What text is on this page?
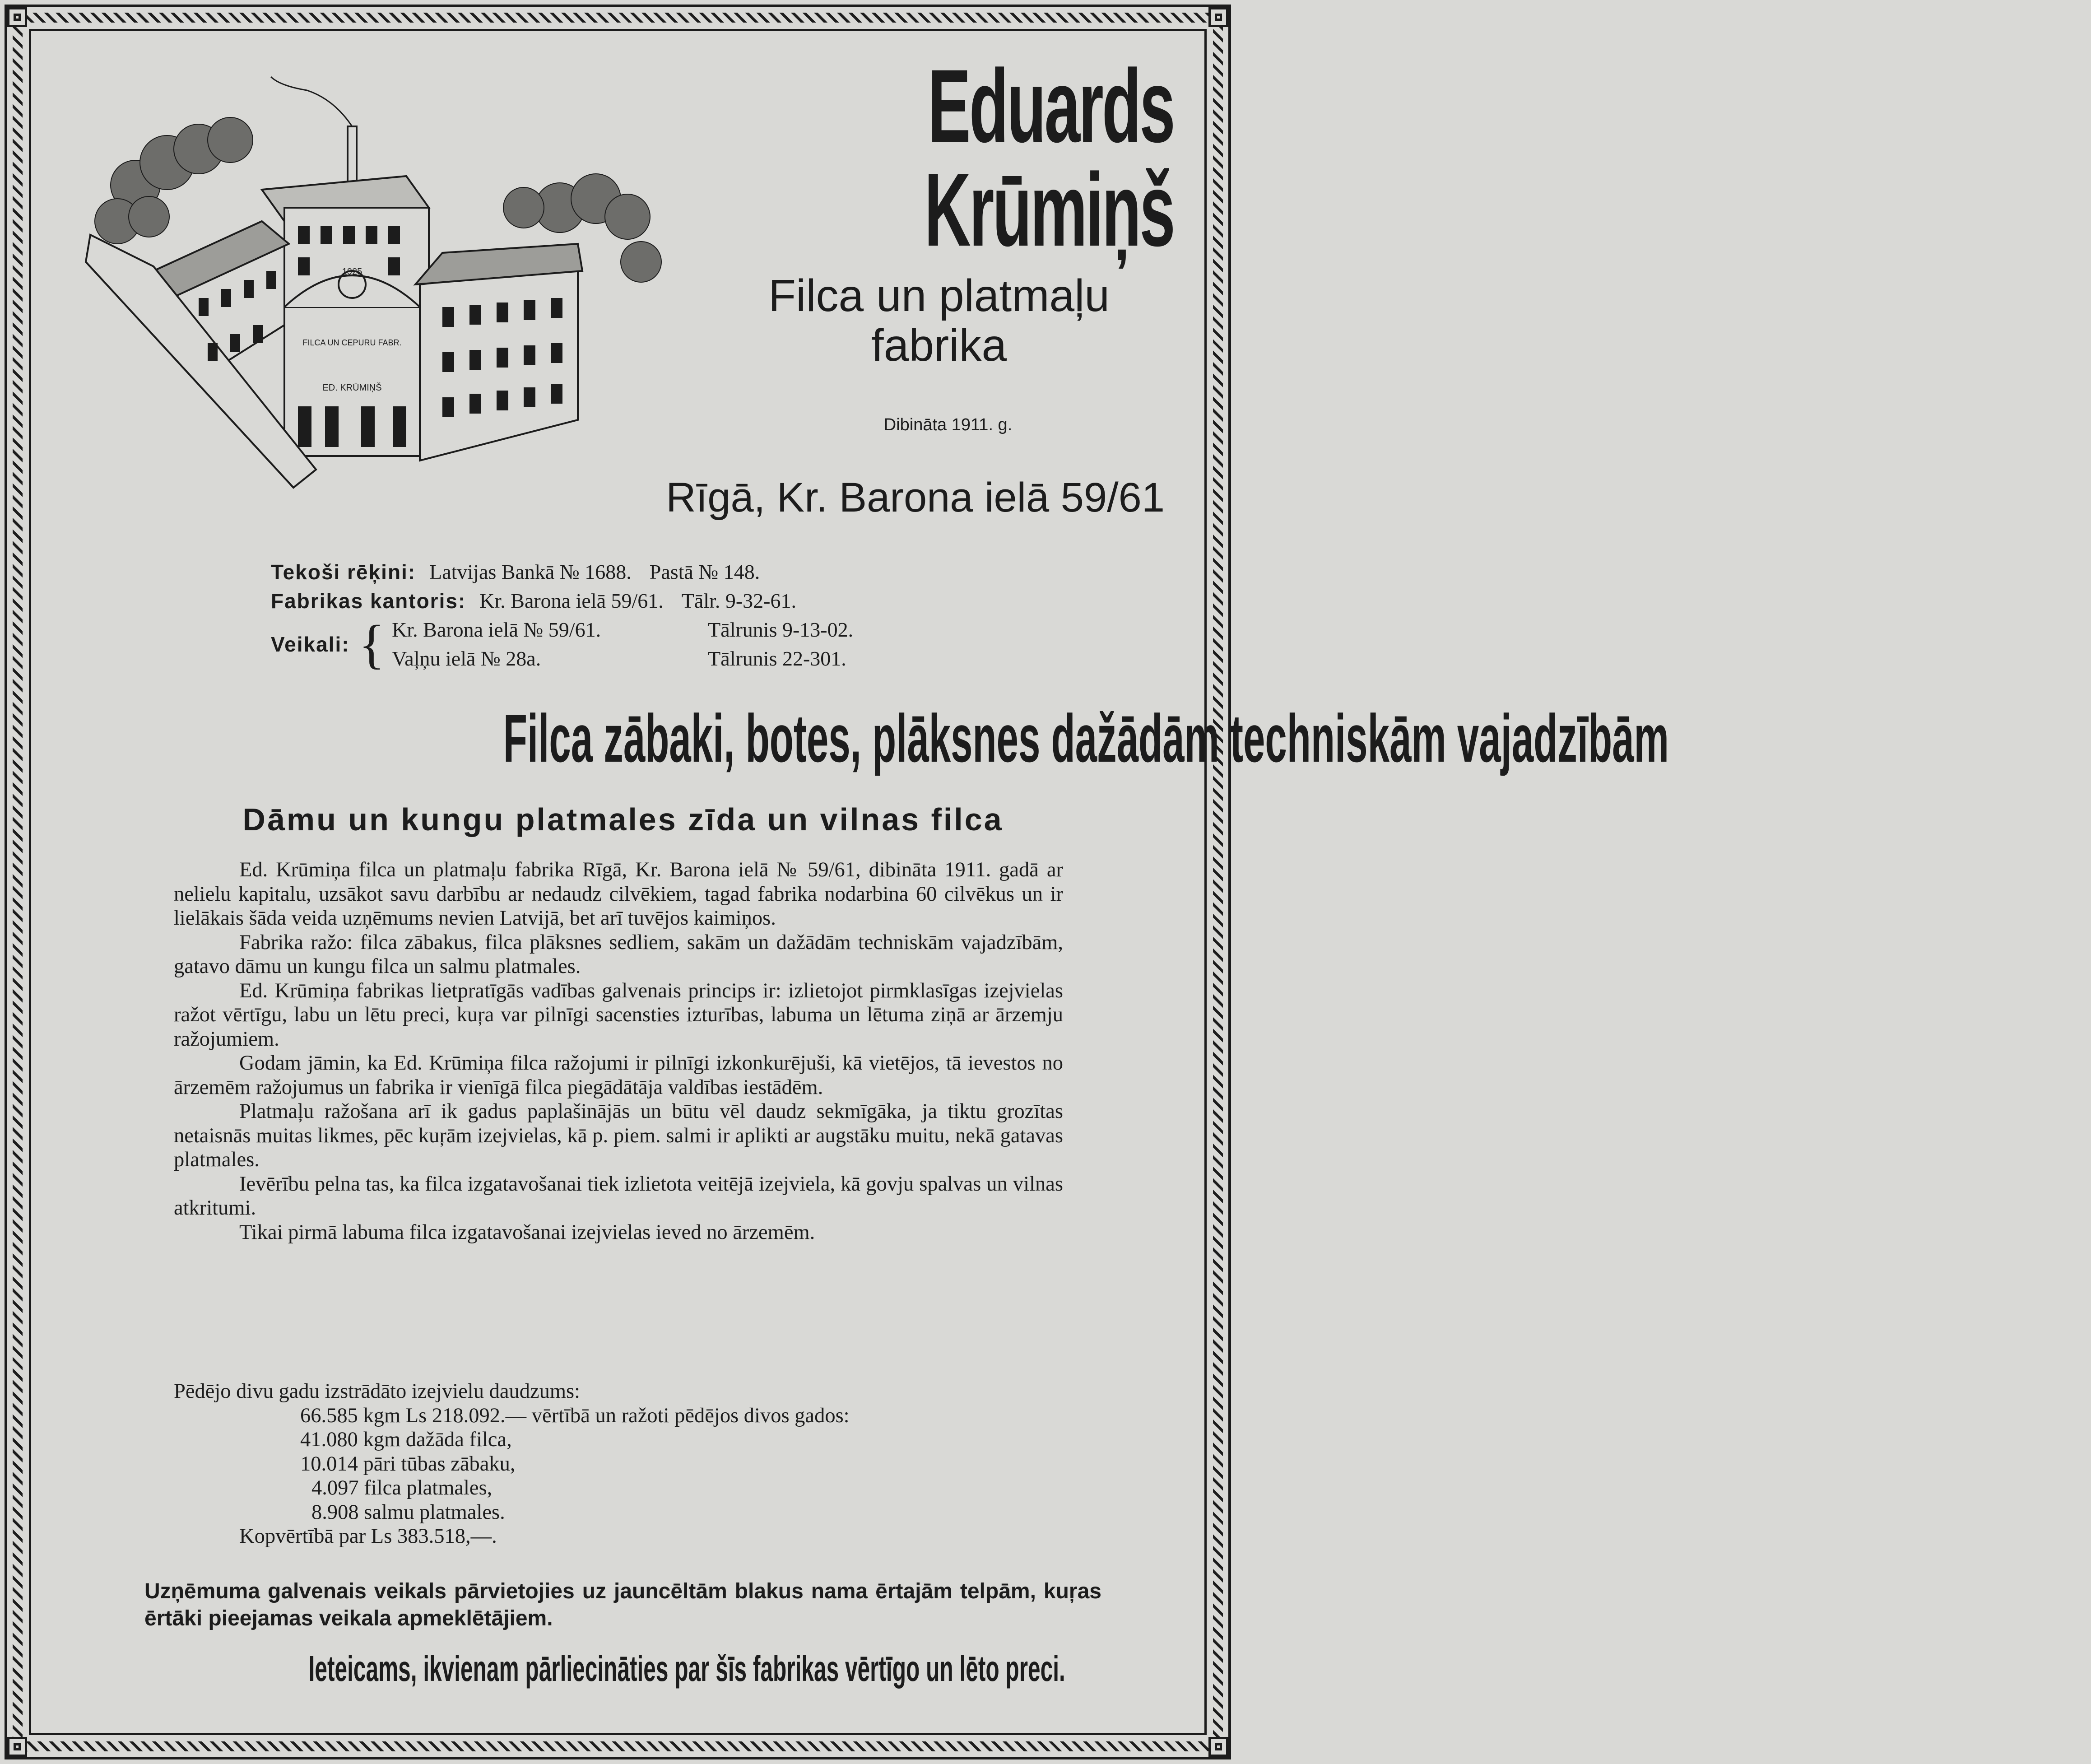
1925
FILCA UN CEPURU FABR.
ED. KRŪMIŅŠ
Eduards Krūmiņš
Filca un platmaļu
fabrika
Dibināta 1911. g.
Rīgā, Kr. Barona ielā 59/61
Tekoši rēķini: Latvijas Bankā № 1688. Pastā № 148.
Fabrikas kantoris: Kr. Barona ielā 59/61. Tālr. 9-32-61.
Veikali: { Kr. Barona ielā № 59/61.	Tālrunis 9-13-02.
Vaļņu ielā № 28a.	Tālrunis 22-301.
Filca zābaki, botes, plāksnes dažādām techniskām vajadzībām
Dāmu un kungu platmales zīda un vilnas filca

Ed. Krūmiņa filca un platmaļu fabrika Rīgā, Kr. Barona ielā № 59/61, dibināta 1911. gadā ar nelielu kapitalu, uzsākot savu darbību ar nedaudz cilvēkiem, tagad fabrika nodarbina 60 cilvēkus un ir lielākais šāda veida uzņēmums nevien Latvijā, bet arī tuvējos kaimiņos.

Fabrika ražo: filca zābakus, filca plāksnes sedliem, sakām un dažādām techniskām vajadzībām, gatavo dāmu un kungu filca un salmu platmales.

Ed. Krūmiņa fabrikas lietpratīgās vadības galvenais princips ir: izlietojot pirmklasīgas izejvielas ražot vērtīgu, labu un lētu preci, kuŗa var pilnīgi sacensties izturības, labuma un lētuma ziņā ar ārzemju ražojumiem.

Godam jāmin, ka Ed. Krūmiņa filca ražojumi ir pilnīgi izkonkurējuši, kā vietējos, tā ievestos no ārzemēm ražojumus un fabrika ir vienīgā filca piegādātāja valdības iestādēm.

Platmaļu ražošana arī ik gadus paplašinājās un būtu vēl daudz sekmīgāka, ja tiktu grozītas netaisnās muitas likmes, pēc kuŗām izejvielas, kā p. piem. salmi ir aplikti ar augstāku muitu, nekā gatavas platmales.

Ievērību pelna tas, ka filca izgatavošanai tiek izlietota veitējā izejviela, kā govju spalvas un vilnas atkritumi.

Tikai pirmā labuma filca izgatavošanai izejvielas ieved no ārzemēm.

Pēdējo divu gadu izstrādāto izejvielu daudzums:
66.585 kgm Ls 218.092.— vērtībā un ražoti pēdējos divos gados:
41.080 kgm dažāda filca,
10.014 pāri tūbas zābaku,
4.097 filca platmales,
8.908 salmu platmales.
Kopvērtībā par Ls 383.518,—.
Uzņēmuma galvenais veikals pārvietojies uz jauncēltām blakus nama ērtajām telpām, kuŗas ērtāki pieejamas veikala apmeklētājiem.
Ieteicams, ikvienam pārliecināties par šīs fabrikas vērtīgo un lēto preci.
